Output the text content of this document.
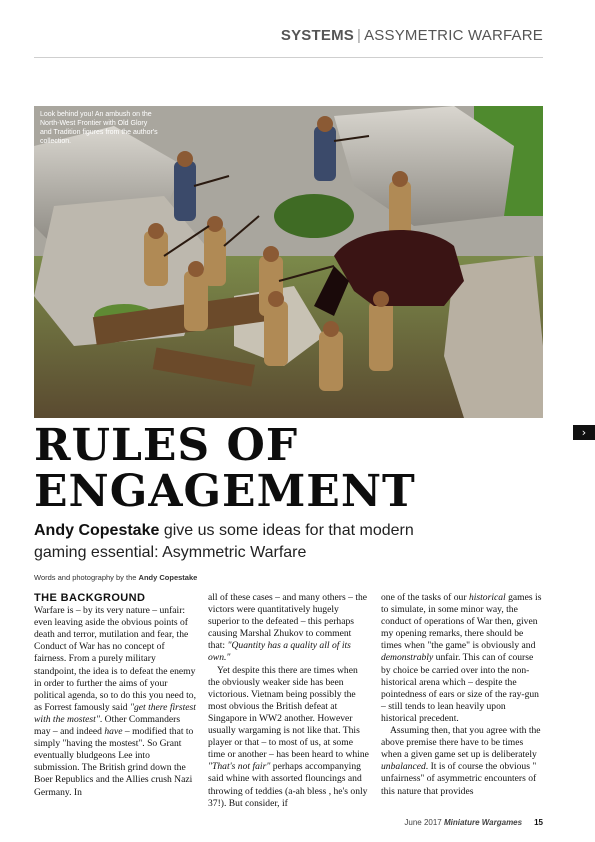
SYSTEMS | ASSYMETRIC WARFARE
Look behind you! An ambush on the North-West Frontier with Old Glory and Tradition figures from the author's collection.
›
RULES OF
ENGAGEMENT
Andy Copestake give us some ideas for that modern
gaming essential: Asymmetric Warfare
Words and photography by the Andy Copestake
THE BACKGROUND

Warfare is – by its very nature – unfair: even leaving aside the obvious points of death and terror, mutilation and fear, the Conduct of War has no concept of fairness. From a purely military standpoint, the idea is to defeat the enemy in order to further the aims of your political agenda, so to do this you need to, as Forrest famously said "get there firstest with the mostest". Other Commanders may – and indeed have – modified that to simply "having the mostest". So Grant eventually bludgeons Lee into submission. The British grind down the Boer Republics and the Allies crush Nazi Germany. In

all of these cases – and many others – the victors were quantitatively hugely superior to the defeated – this perhaps causing Marshal Zhukov to comment that: "Quantity has a quality all of its own."

Yet despite this there are times when the obviously weaker side has been victorious. Vietnam being possibly the most obvious the British defeat at Singapore in WW2 another. However usually wargaming is not like that. This player or that – to most of us, at some time or another – has been heard to whine "That's not fair" perhaps accompanying said whine with assorted flouncings and throwing of teddies (a-ah bless , he's only 37!). But consider, if

one of the tasks of our historical games is to simulate, in some minor way, the conduct of operations of War then, given my opening remarks, there should be times when "the game" is obviously and demonstrably unfair. This can of course by choice be carried over into the non- historical arena which – despite the pointedness of ears or size of the ray-gun – still tends to lean heavily upon historical precedent.

Assuming then, that you agree with the above premise there have to be times when a given game set up is deliberately unbalanced. It is of course the obvious " unfairness" of asymmetric encounters of this nature that provides

June 2017 Miniature Wargames 15
